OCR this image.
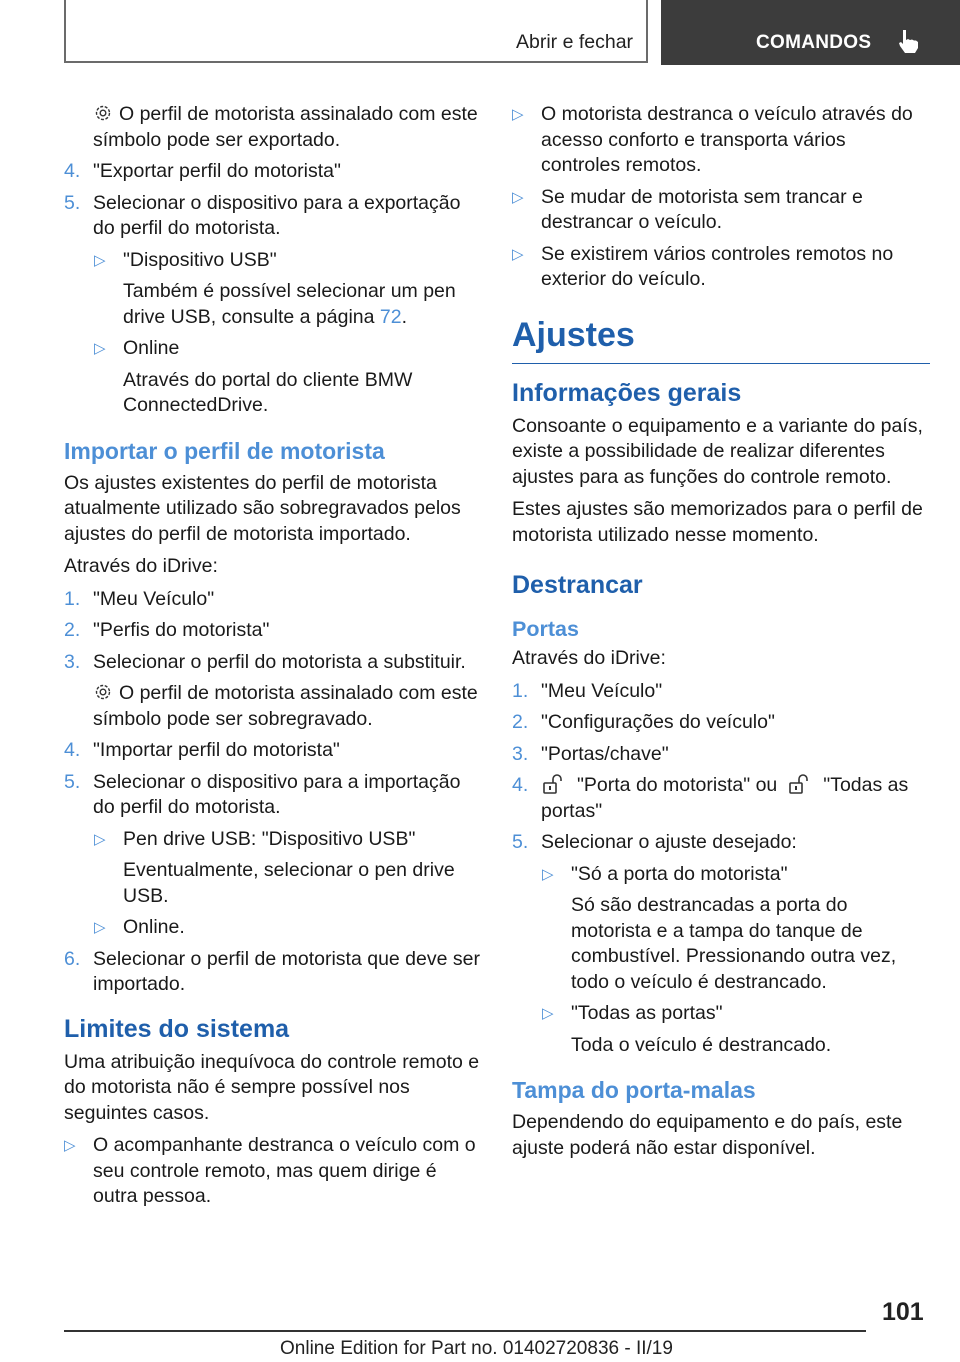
Abrir e fechar	COMANDOS

O perfil de motorista assinalado com este símbolo pode ser exportado.

4. "Exportar perfil do motorista"
5. Selecionar o dispositivo para a exportação do perfil do motorista.
▷ "Dispositivo USB"

Também é possível selecionar um pen drive USB, consulte a página 72.

▷ Online

Através do portal do cliente BMW ConnectedDrive.

Importar o perfil de motorista

Os ajustes existentes do perfil de motorista atualmente utilizado são sobregravados pelos ajustes do perfil de motorista importado.

Através do iDrive:

1. "Meu Veículo"
2. "Perfis do motorista"
3. Selecionar o perfil do motorista a substituir.

O perfil de motorista assinalado com este símbolo pode ser sobregravado.

4. "Importar perfil do motorista"
5. Selecionar o dispositivo para a importação do perfil do motorista.
▷ Pen drive USB: "Dispositivo USB"

Eventualmente, selecionar o pen drive USB.

▷ Online.
6. Selecionar o perfil de motorista que deve ser importado.
Limites do sistema

Uma atribuição inequívoca do controle remoto e do motorista não é sempre possível nos seguintes casos.

▷ O acompanhante destranca o veículo com o seu controle remoto, mas quem dirige é outra pessoa.
▷ O motorista destranca o veículo através do acesso conforto e transporta vários controles remotos.
▷ Se mudar de motorista sem trancar e destrancar o veículo.
▷ Se existirem vários controles remotos no exterior do veículo.
Ajustes
Informações gerais

Consoante o equipamento e a variante do país, existe a possibilidade de realizar diferentes ajustes para as funções do controle remoto.

Estes ajustes são memorizados para o perfil de motorista utilizado nesse momento.

Destrancar
Portas

Através do iDrive:

1. "Meu Veículo"
2. "Configurações do veículo"
3. "Portas/chave"
4. "Porta do motorista" ou "Todas as portas"
5. Selecionar o ajuste desejado:
▷ "Só a porta do motorista"

Só são destrancadas a porta do motorista e a tampa do tanque de combustível. Pressionando outra vez, todo o veículo é destrancado.

▷ "Todas as portas"

Toda o veículo é destrancado.

Tampa do porta-malas

Dependendo do equipamento e do país, este ajuste poderá não estar disponível.

101
Online Edition for Part no. 01402720836 - II/19
